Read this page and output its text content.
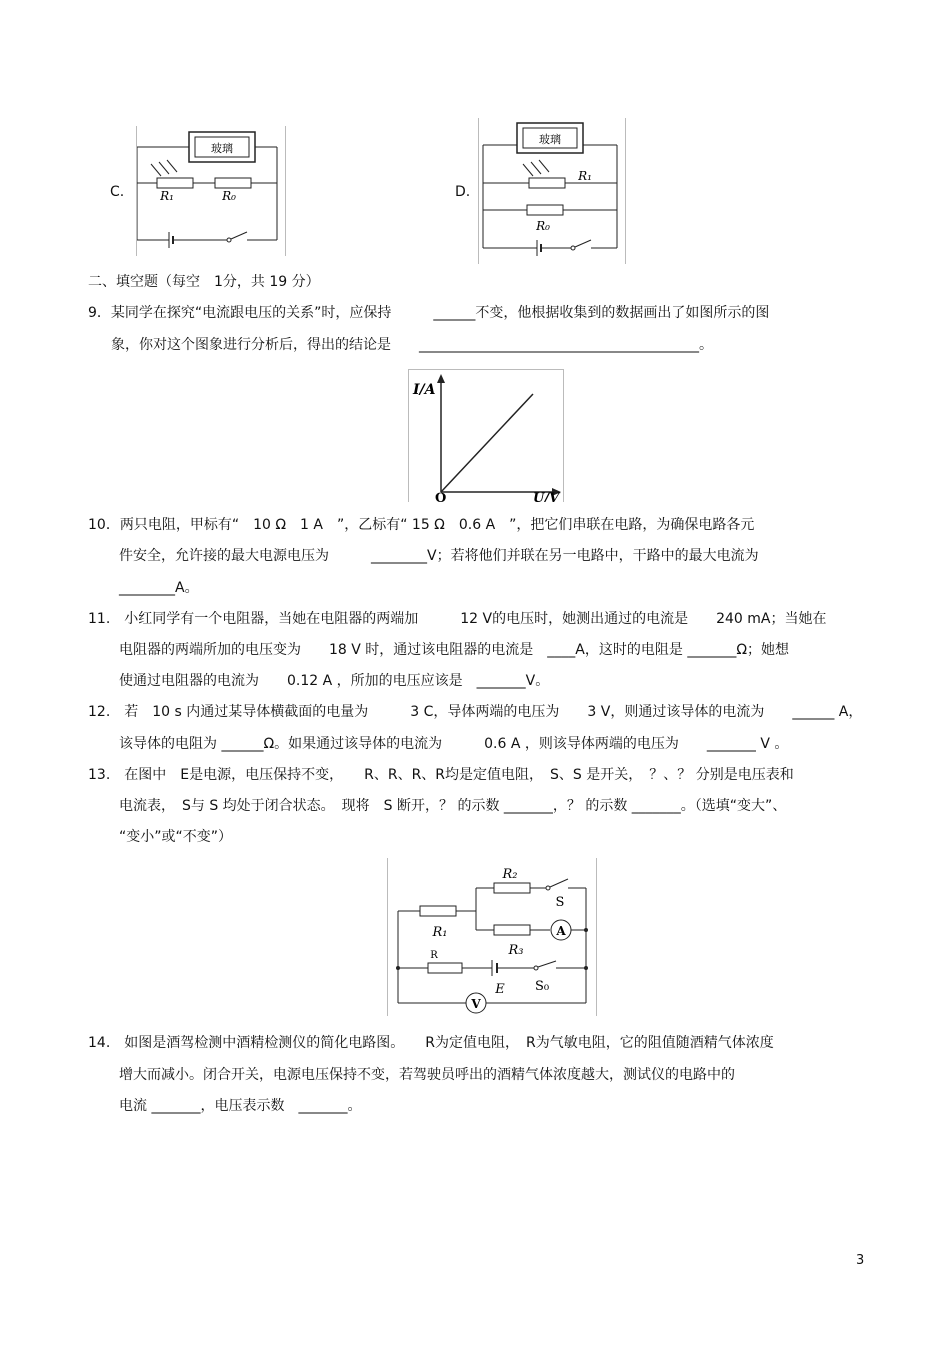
玻璃
R₁	R₀
C.
玻璃
R₁
R₀
D.
二、填空题（每空　1分，共 19 分）
9．某同学在探究“电流跟电压的关系”时，应保持　　　______不变，他根据收集到的数据画出了如图所示的图
象，你对这个图象进行分析后，得出的结论是　　________________________________________。
I/A
O	U/V
10．两只电阻，甲标有“　10 Ω　1 A　”，乙标有“ 15 Ω　0.6 A　”，把它们串联在电路，为确保电路各元
件安全，允许接的最大电源电压为　　　________V；若将他们并联在另一电路中，干路中的最大电流为
________A。
11.　小红同学有一个电阻器，当她在电阻器的两端加　　　12 V的电压时，她测出通过的电流是　　240 mA；当她在
电阻器的两端所加的电压变为　　18 V 时，通过该电阻器的电流是　____A，这时的电阻是 _______Ω；她想
使通过电阻器的电流为　　0.12 A ，所加的电压应该是　_______V。
12.　若　10 s 内通过某导体横截面的电量为　　　3 C，导体两端的电压为　　3 V，则通过该导体的电流为　　______ A，
该导体的电阻为 ______Ω。如果通过该导体的电流为　　　0.6 A ，则该导体两端的电压为　　_______ V 。
13.　在图中　E是电源，电压保持不变，　　R、R、R、R均是定值电阻，　S、S 是开关，　？、？ 分别是电压表和
电流表，　S与 S 均处于闭合状态。　现将　S 断开，？ 的示数 _______，？ 的示数 _______。（选填“变大”、
“变小”或“不变”）
R₁
R₂
S
R₃
A
R
S₀
E
V
14.　如图是酒驾检测中酒精检测仪的简化电路图。　　R为定值电阻，　R为气敏电阻，它的阻值随酒精气体浓度
增大而减小。闭合开关，电源电压保持不变，若驾驶员呼出的酒精气体浓度越大，测试仪的电路中的
电流 _______，电压表示数　_______。
3
